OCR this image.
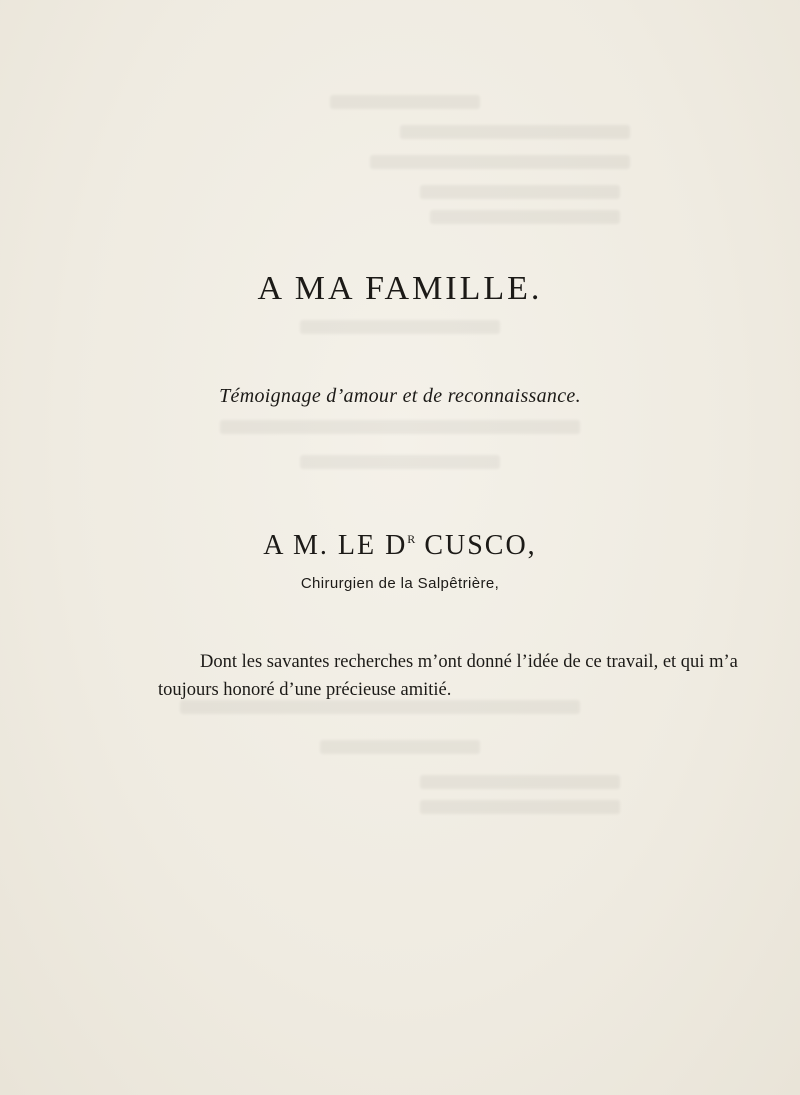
A MA FAMILLE.
Témoignage d’amour et de reconnaissance.
A M. LE $D^R$ CUSCO,
Chirurgien de la Salpêtrière,
Dont les savantes recherches m’ont donné l’idée de ce travail, et qui m’a
toujours honoré d’une précieuse amitié.
